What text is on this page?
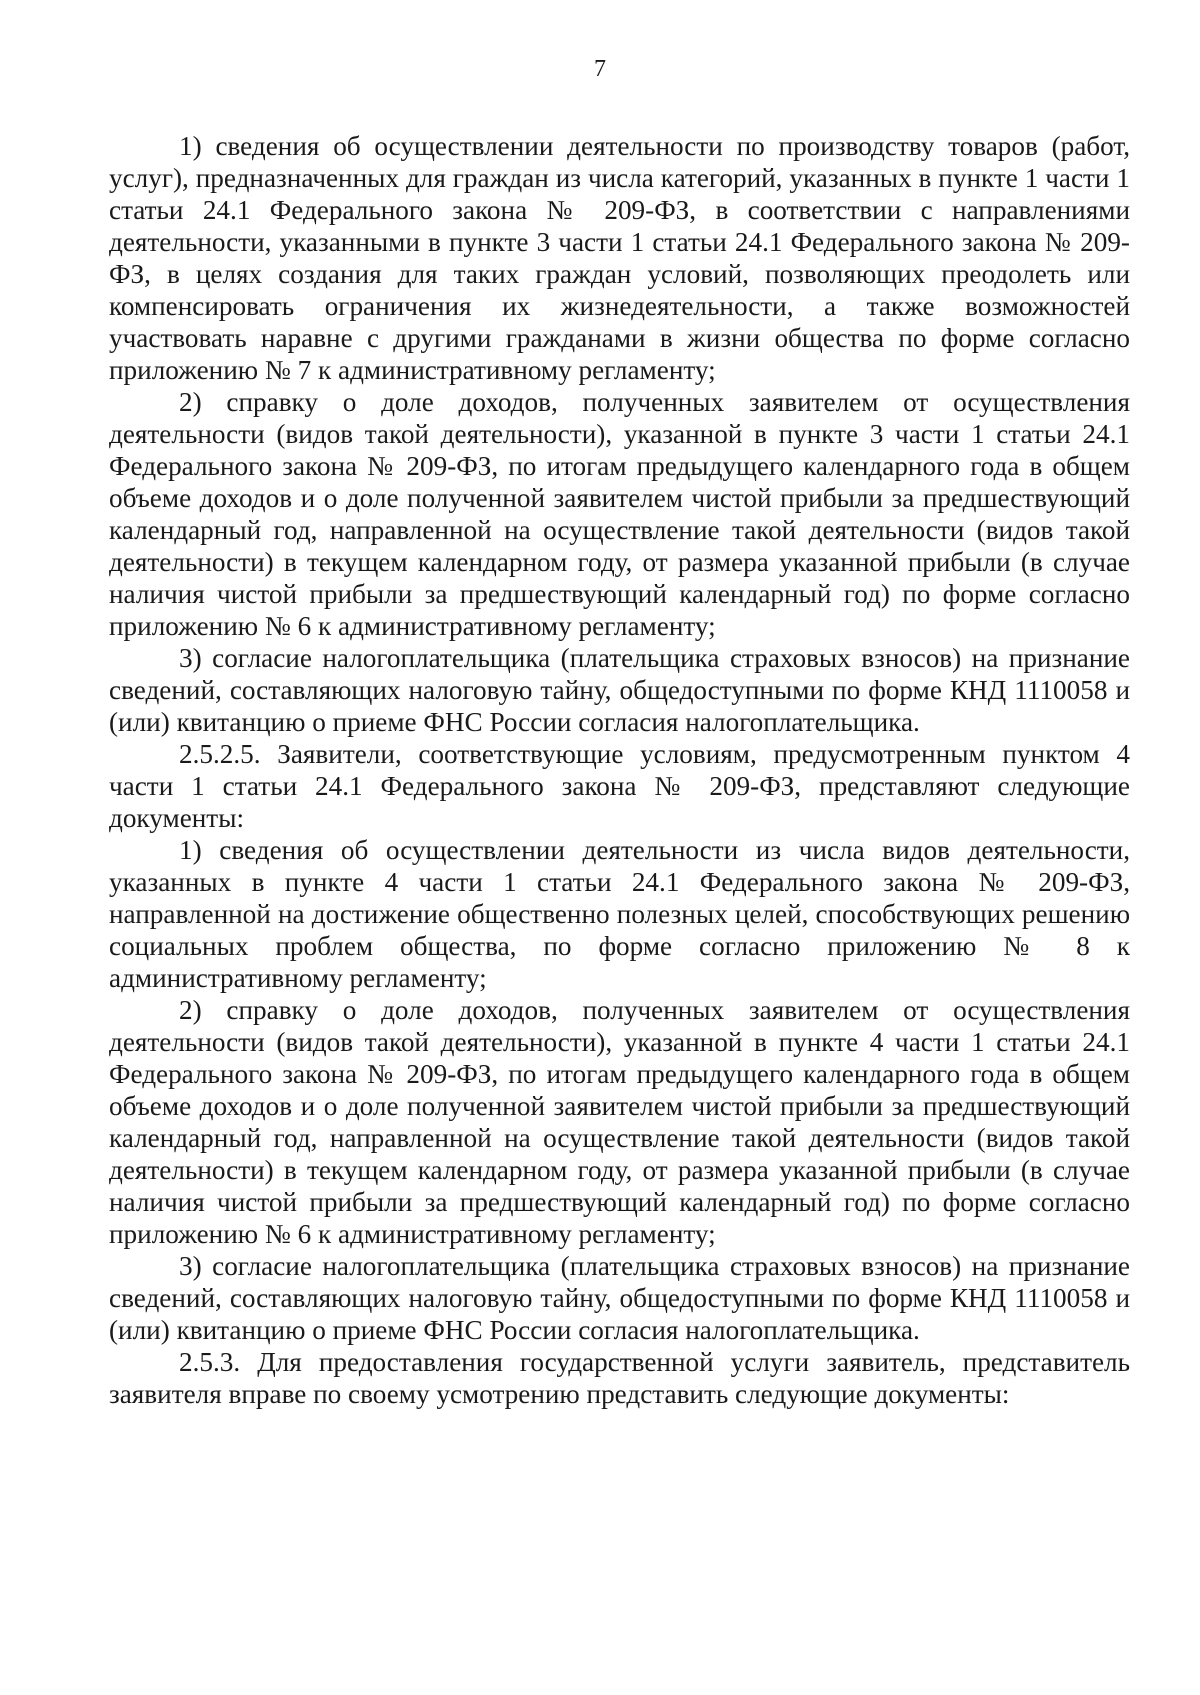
7

1) сведения об осуществлении деятельности по производству товаров (работ, услуг), предназначенных для граждан из числа категорий, указанных в пункте 1 части 1 статьи 24.1 Федерального закона № 209-ФЗ, в соответствии с направлениями деятельности, указанными в пункте 3 части 1 статьи 24.1 Федерального закона № 209-ФЗ, в целях создания для таких граждан условий, позволяющих преодолеть или компенсировать ограничения их жизнедеятельности, а также возможностей участвовать наравне с другими гражданами в жизни общества по форме согласно приложению № 7 к административному регламенту;

2) справку о доле доходов, полученных заявителем от осуществления деятельности (видов такой деятельности), указанной в пункте 3 части 1 статьи 24.1 Федерального закона № 209-ФЗ, по итогам предыдущего календарного года в общем объеме доходов и о доле полученной заявителем чистой прибыли за предшествующий календарный год, направленной на осуществление такой деятельности (видов такой деятельности) в текущем календарном году, от размера указанной прибыли (в случае наличия чистой прибыли за предшествующий календарный год) по форме согласно приложению № 6 к административному регламенту;

3) согласие налогоплательщика (плательщика страховых взносов) на признание сведений, составляющих налоговую тайну, общедоступными по форме КНД 1110058 и (или) квитанцию о приеме ФНС России согласия налогоплательщика.

2.5.2.5. Заявители, соответствующие условиям, предусмотренным пунктом 4 части 1 статьи 24.1 Федерального закона № 209-ФЗ, представляют следующие документы:

1) сведения об осуществлении деятельности из числа видов деятельности, указанных в пункте 4 части 1 статьи 24.1 Федерального закона № 209-ФЗ, направленной на достижение общественно полезных целей, способствующих решению социальных проблем общества, по форме согласно приложению № 8 к административному регламенту;

2) справку о доле доходов, полученных заявителем от осуществления деятельности (видов такой деятельности), указанной в пункте 4 части 1 статьи 24.1 Федерального закона № 209-ФЗ, по итогам предыдущего календарного года в общем объеме доходов и о доле полученной заявителем чистой прибыли за предшествующий календарный год, направленной на осуществление такой деятельности (видов такой деятельности) в текущем календарном году, от размера указанной прибыли (в случае наличия чистой прибыли за предшествующий календарный год) по форме согласно приложению № 6 к административному регламенту;

3) согласие налогоплательщика (плательщика страховых взносов) на признание сведений, составляющих налоговую тайну, общедоступными по форме КНД 1110058 и (или) квитанцию о приеме ФНС России согласия налогоплательщика.

2.5.3. Для предоставления государственной услуги заявитель, представитель заявителя вправе по своему усмотрению представить следующие документы:
